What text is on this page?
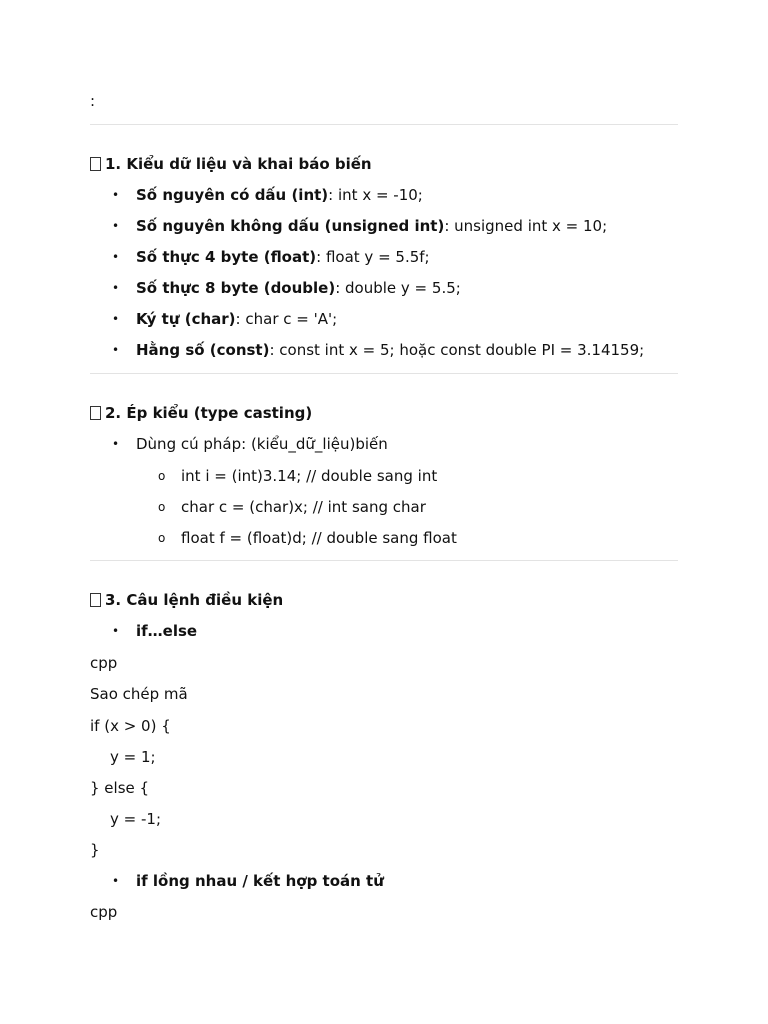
:
1. Kiểu dữ liệu và khai báo biến
• Số nguyên có dấu (int): int x = -10;
• Số nguyên không dấu (unsigned int): unsigned int x = 10;
• Số thực 4 byte (float): float y = 5.5f;
• Số thực 8 byte (double): double y = 5.5;
• Ký tự (char): char c = 'A';
• Hằng số (const): const int x = 5; hoặc const double PI = 3.14159;
2. Ép kiểu (type casting)
• Dùng cú pháp: (kiểu_dữ_liệu)biến
o int i = (int)3.14; // double sang int
o char c = (char)x; // int sang char
o float f = (float)d; // double sang float
3. Câu lệnh điều kiện
• if…else
cpp
Sao chép mã
if (x > 0) {
y = 1;
} else {
y = -1;
}
• if lồng nhau / kết hợp toán tử
cpp
